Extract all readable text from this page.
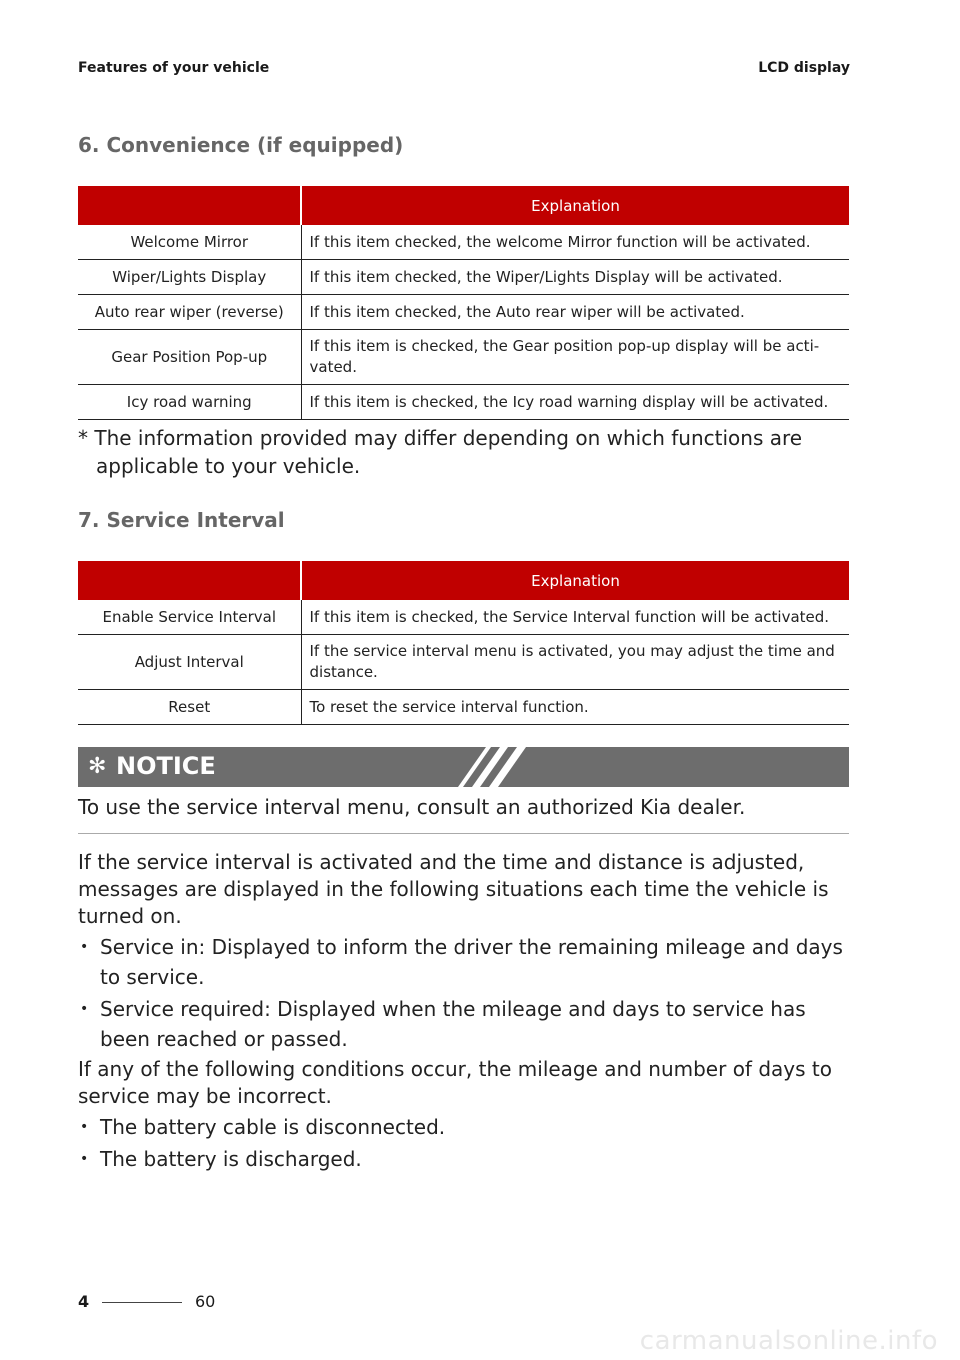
Features of your vehicle	LCD display
6. Convenience (if equipped)
	Explanation
Welcome Mirror	If this item checked, the welcome Mirror function will be activated.
Wiper/Lights Display	If this item checked, the Wiper/Lights Display will be activated.
Auto rear wiper (reverse)	If this item checked, the Auto rear wiper will be activated.
Gear Position Pop-up	If this item is checked, the Gear position pop-up display will be acti- vated.
Icy road warning	If this item is checked, the Icy road warning display will be activated.
* The information provided may differ depending on which functions are
applicable to your vehicle.
7. Service Interval
	Explanation
Enable Service Interval	If this item is checked, the Service Interval function will be activated.
Adjust Interval	If the service interval menu is activated, you may adjust the time and distance.
Reset	To reset the service interval function.
✻ NOTICE
To use the service interval menu, consult an authorized Kia dealer.

If the service interval is activated and the time and distance is adjusted, messages are displayed in the following situations each time the vehicle is turned on.

• Service in: Displayed to inform the driver the remaining mileage and days to service.
• Service required: Displayed when the mileage and days to service has been reached or passed.

If any of the following conditions occur, the mileage and number of days to service may be incorrect.

• The battery cable is disconnected.
• The battery is discharged.
4	60
carmanualsonline.info
